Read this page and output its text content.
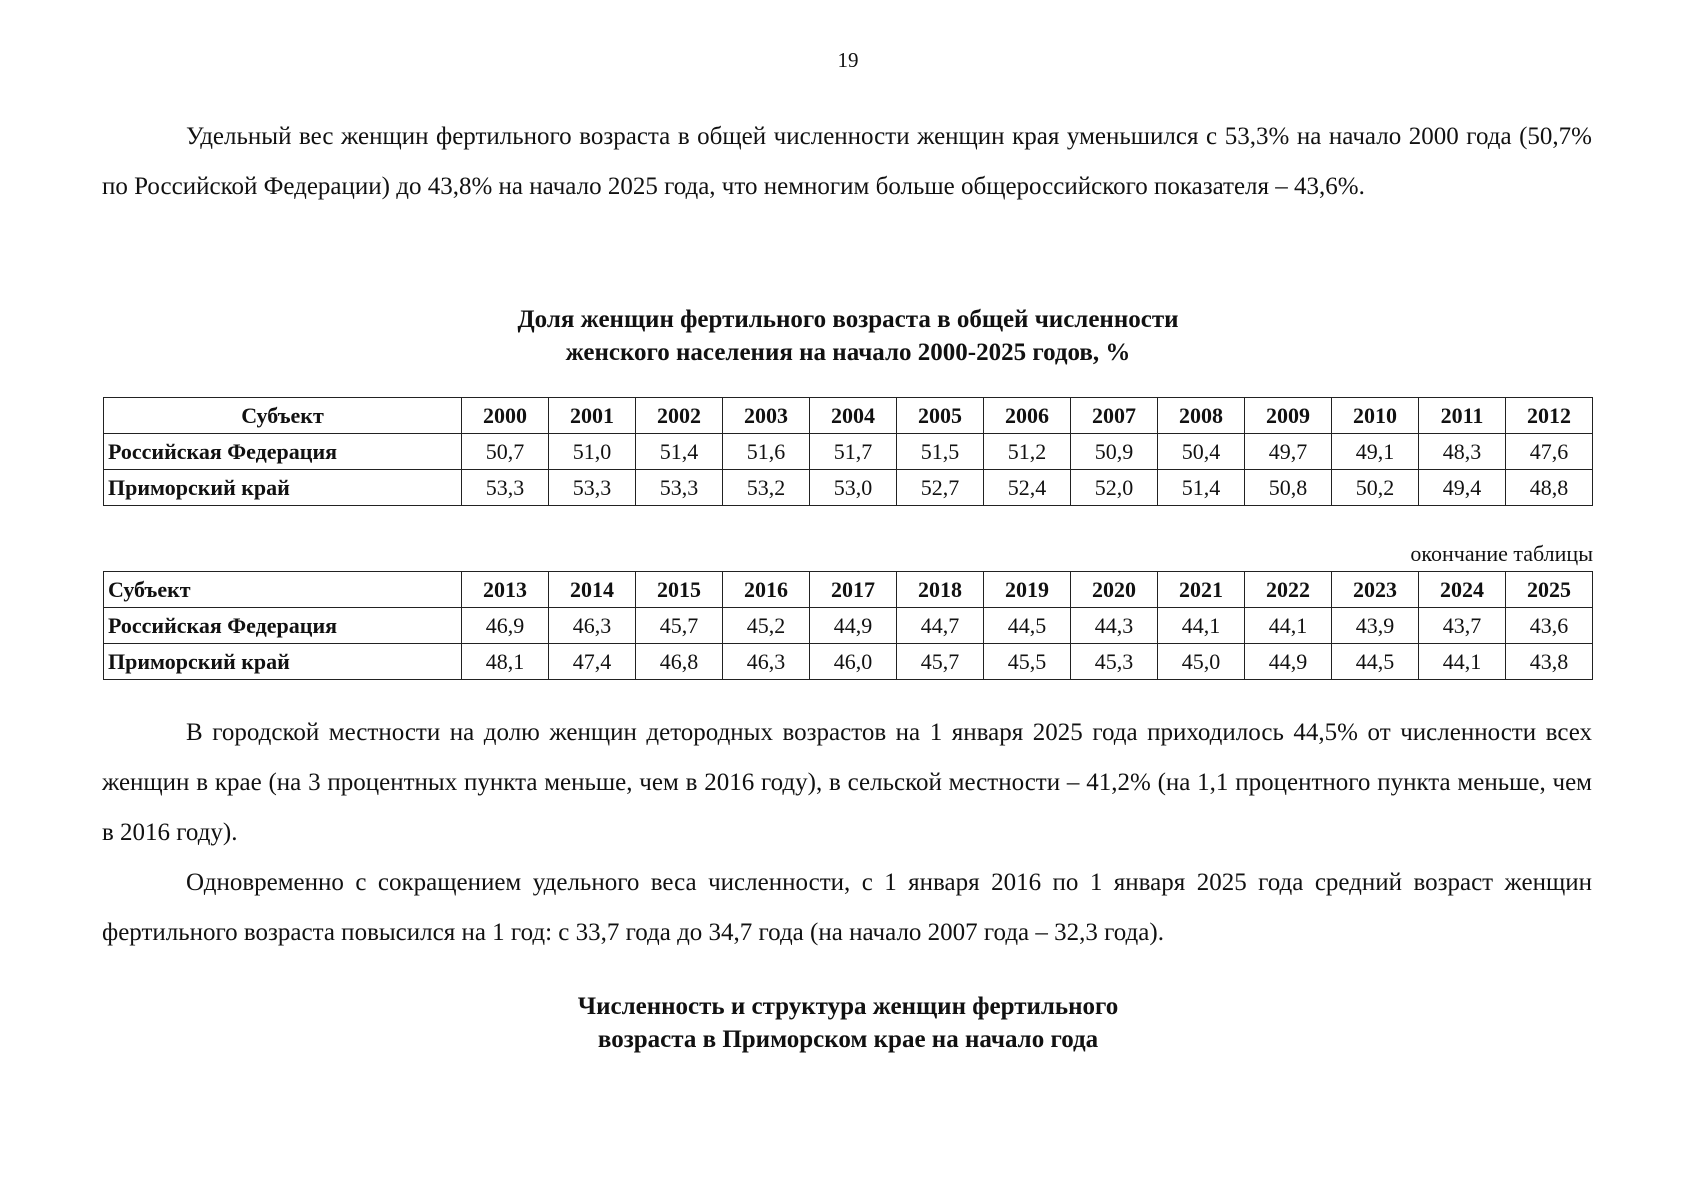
19

Удельный вес женщин фертильного возраста в общей численности женщин края уменьшился с 53,3% на начало 2000 года (50,7% по Российской Федерации) до 43,8% на начало 2025 года, что немногим больше общероссийского показателя – 43,6%.

Доля женщин фертильного возраста в общей численности
женского населения на начало 2000-2025 годов, %
Субъект	2000	2001	2002	2003	2004	2005	2006	2007	2008	2009	2010	2011	2012
Российская Федерация	50,7	51,0	51,4	51,6	51,7	51,5	51,2	50,9	50,4	49,7	49,1	48,3	47,6
Приморский край	53,3	53,3	53,3	53,2	53,0	52,7	52,4	52,0	51,4	50,8	50,2	49,4	48,8
окончание таблицы
Субъект	2013	2014	2015	2016	2017	2018	2019	2020	2021	2022	2023	2024	2025
Российская Федерация	46,9	46,3	45,7	45,2	44,9	44,7	44,5	44,3	44,1	44,1	43,9	43,7	43,6
Приморский край	48,1	47,4	46,8	46,3	46,0	45,7	45,5	45,3	45,0	44,9	44,5	44,1	43,8

В городской местности на долю женщин детородных возрастов на 1 января 2025 года приходилось 44,5% от численности всех женщин в крае (на 3 процентных пункта меньше, чем в 2016 году), в сельской местности – 41,2% (на 1,1 процентного пункта меньше, чем в 2016 году).

Одновременно с сокращением удельного веса численности, с 1 января 2016 по 1 января 2025 года средний возраст женщин фертильного возраста повысился на 1 год: с 33,7 года до 34,7 года (на начало 2007 года – 32,3 года).

Численность и структура женщин фертильного
возраста в Приморском крае на начало года
